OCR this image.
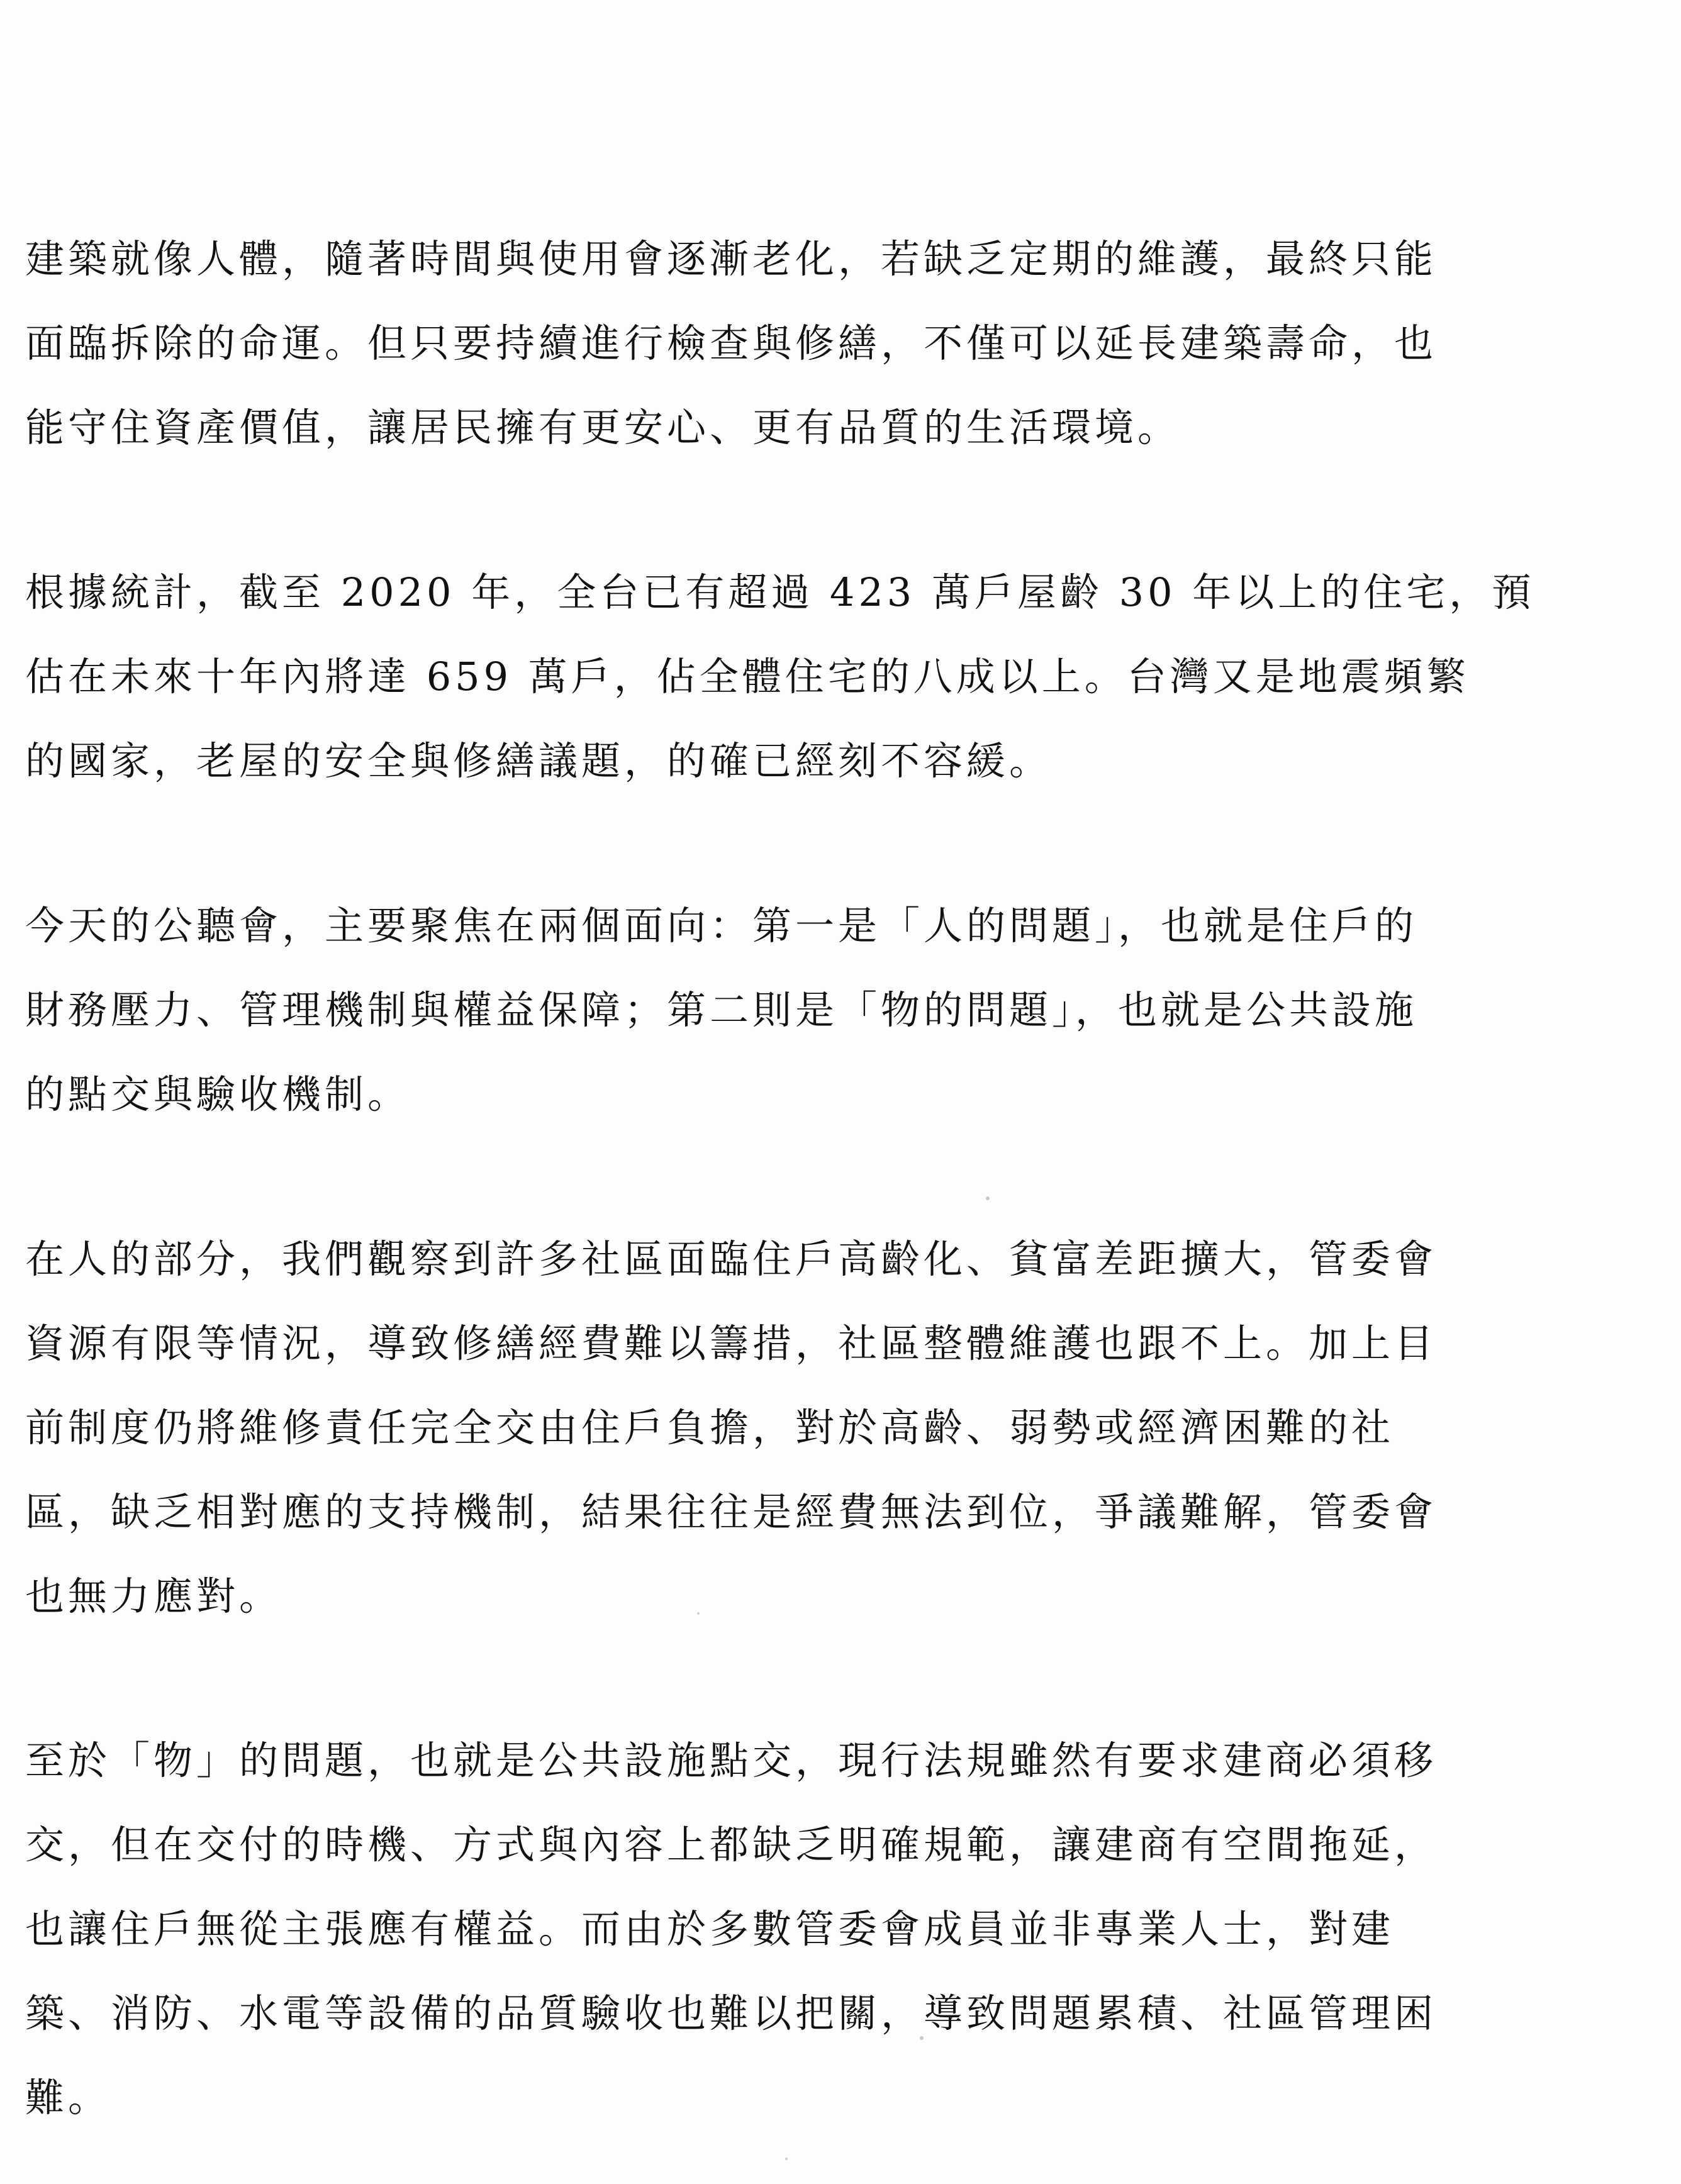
建築就像人體，隨著時間與使用會逐漸老化，若缺乏定期的維護，最終只能
面臨拆除的命運。但只要持續進行檢查與修繕，不僅可以延長建築壽命，也
能守住資產價值，讓居民擁有更安心、更有品質的生活環境。

根據統計，截至 2020 年，全台已有超過 423 萬戶屋齡 30 年以上的住宅，預
估在未來十年內將達 659 萬戶，佔全體住宅的八成以上。台灣又是地震頻繁
的國家，老屋的安全與修繕議題，的確已經刻不容緩。

今天的公聽會，主要聚焦在兩個面向：第一是「人的問題」，也就是住戶的
財務壓力、管理機制與權益保障；第二則是「物的問題」，也就是公共設施
的點交與驗收機制。

在人的部分，我們觀察到許多社區面臨住戶高齡化、貧富差距擴大，管委會
資源有限等情況，導致修繕經費難以籌措，社區整體維護也跟不上。加上目
前制度仍將維修責任完全交由住戶負擔，對於高齡、弱勢或經濟困難的社
區，缺乏相對應的支持機制，結果往往是經費無法到位，爭議難解，管委會
也無力應對。

至於「物」的問題，也就是公共設施點交，現行法規雖然有要求建商必須移
交，但在交付的時機、方式與內容上都缺乏明確規範，讓建商有空間拖延，
也讓住戶無從主張應有權益。而由於多數管委會成員並非專業人士，對建
築、消防、水電等設備的品質驗收也難以把關，導致問題累積、社區管理困
難。
